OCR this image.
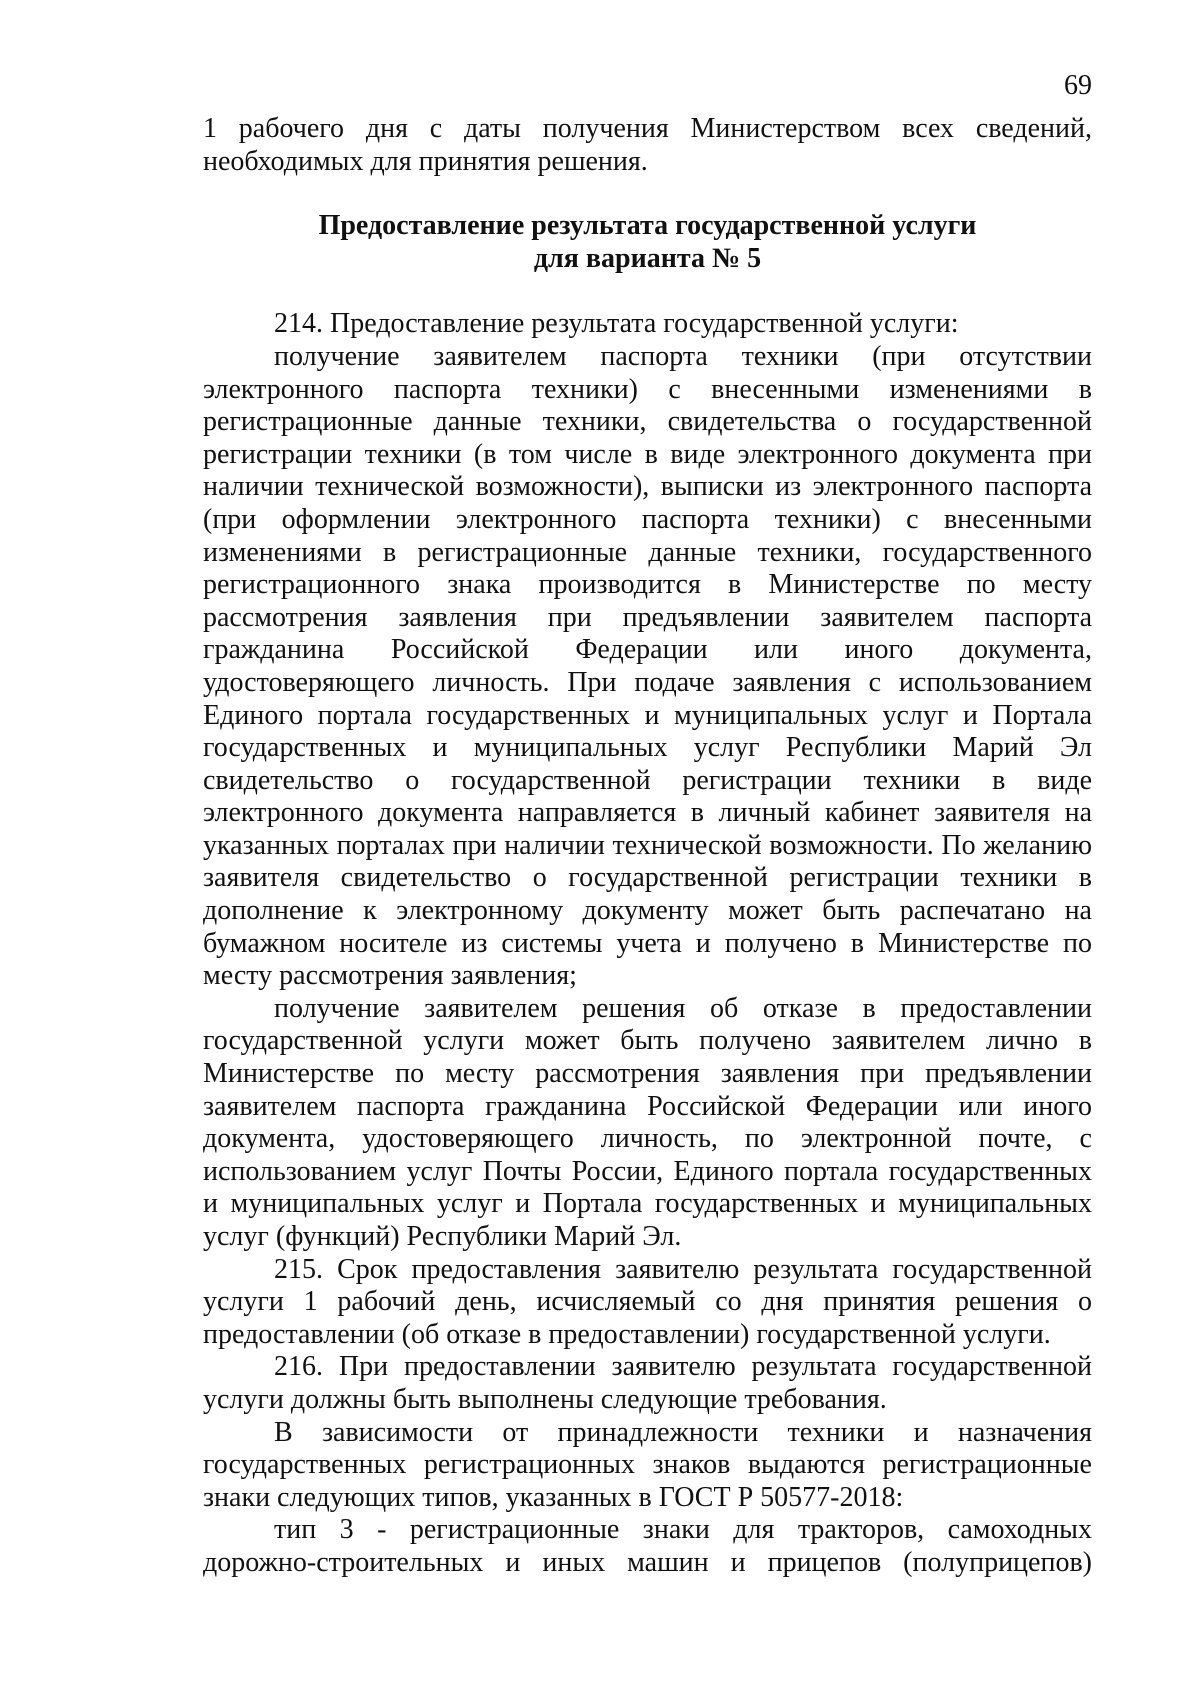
69

1 рабочего дня с даты получения Министерством всех сведений, необходимых для принятия решения.

Предоставление результата государственной услуги
для варианта № 5

214. Предоставление результата государственной услуги:

получение заявителем паспорта техники (при отсутствии электронного паспорта техники) с внесенными изменениями в регистрационные данные техники, свидетельства о государственной регистрации техники (в том числе в виде электронного документа при наличии технической возможности), выписки из электронного паспорта (при оформлении электронного паспорта техники) с внесенными изменениями в регистрационные данные техники, государственного регистрационного знака производится в Министерстве по месту рассмотрения заявления при предъявлении заявителем паспорта гражданина Российской Федерации или иного документа, удостоверяющего личность. При подаче заявления с использованием Единого портала государственных и муниципальных услуг и Портала государственных и муниципальных услуг Республики Марий Эл свидетельство о государственной регистрации техники в виде электронного документа направляется в личный кабинет заявителя на указанных порталах при наличии технической возможности. По желанию заявителя свидетельство о государственной регистрации техники в дополнение к электронному документу может быть распечатано на бумажном носителе из системы учета и получено в Министерстве по месту рассмотрения заявления;

получение заявителем решения об отказе в предоставлении государственной услуги может быть получено заявителем лично в Министерстве по месту рассмотрения заявления при предъявлении заявителем паспорта гражданина Российской Федерации или иного документа, удостоверяющего личность, по электронной почте, с использованием услуг Почты России, Единого портала государственных и муниципальных услуг и Портала государственных и муниципальных услуг (функций) Республики Марий Эл.

215. Срок предоставления заявителю результата государственной услуги 1 рабочий день, исчисляемый со дня принятия решения о предоставлении (об отказе в предоставлении) государственной услуги.

216. При предоставлении заявителю результата государственной услуги должны быть выполнены следующие требования.

В зависимости от принадлежности техники и назначения государственных регистрационных знаков выдаются регистрационные знаки следующих типов, указанных в ГОСТ Р 50577-2018:

тип 3 - регистрационные знаки для тракторов, самоходных дорожно-строительных и иных машин и прицепов (полуприцепов)
